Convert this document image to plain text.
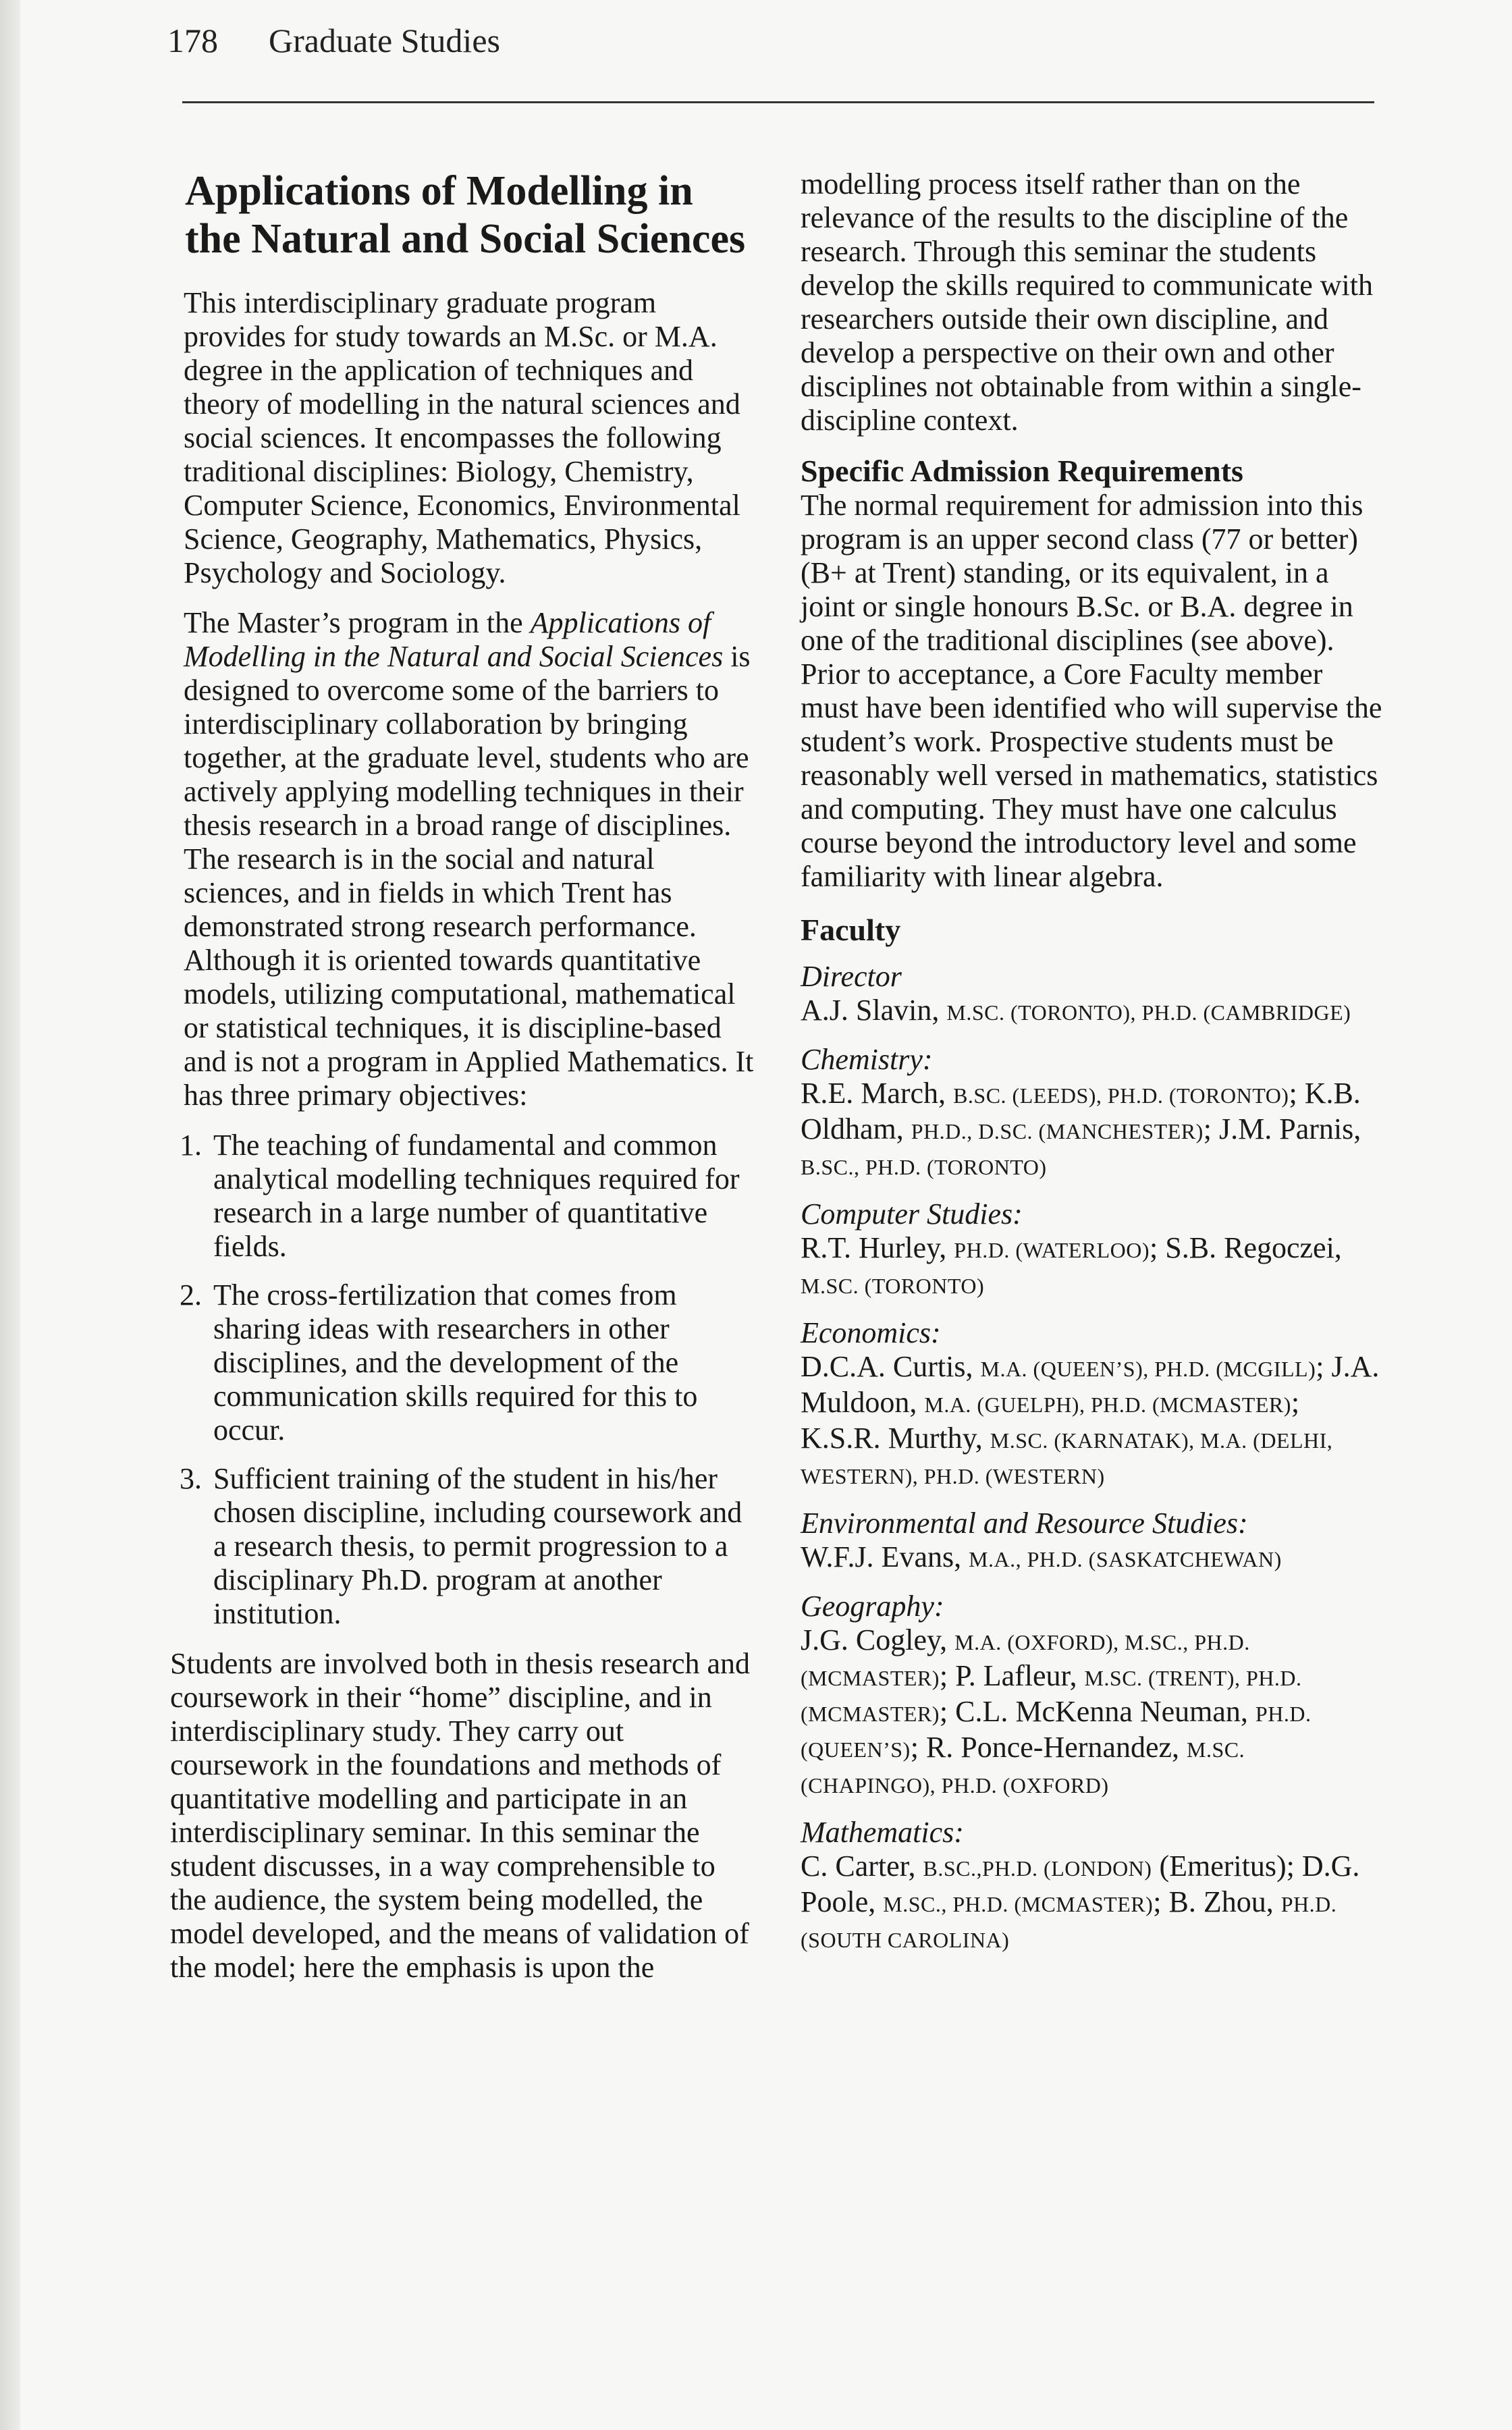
178 Graduate Studies
Applications of Modelling in the Natural and Social Sciences

This interdisciplinary graduate program provides for study towards an M.Sc. or M.A. degree in the application of techniques and theory of modelling in the natural sciences and social sciences. It encompasses the following traditional disciplines: Biology, Chemistry, Computer Science, Economics, Environmental Science, Geography, Mathematics, Physics, Psychology and Sociology.

The Master’s program in the Applications of Modelling in the Natural and Social Sciences is designed to overcome some of the barriers to interdisciplinary collaboration by bringing together, at the graduate level, students who are actively applying modelling techniques in their thesis research in a broad range of disciplines. The research is in the social and natural sciences, and in fields in which Trent has demonstrated strong research performance. Although it is oriented towards quantitative models, utilizing computational, mathematical or statistical techniques, it is discipline-based and is not a program in Applied Mathematics. It has three primary objectives:

1. The teaching of fundamental and common analytical modelling techniques required for research in a large number of quantitative fields.
2. The cross-fertilization that comes from sharing ideas with researchers in other disciplines, and the development of the communication skills required for this to occur.
3. Sufficient training of the student in his/her chosen discipline, including coursework and a research thesis, to permit progression to a disciplinary Ph.D. program at another institution.

Students are involved both in thesis research and coursework in their “home” discipline, and in interdisciplinary study. They carry out coursework in the foundations and methods of quantitative modelling and participate in an interdisciplinary seminar. In this seminar the student discusses, in a way comprehensible to the audience, the system being modelled, the model developed, and the means of validation of the model; here the emphasis is upon the

modelling process itself rather than on the relevance of the results to the discipline of the research. Through this seminar the students develop the skills required to communicate with researchers outside their own discipline, and develop a perspective on their own and other disciplines not obtainable from within a single-discipline context.

Specific Admission Requirements

The normal requirement for admission into this program is an upper second class (77 or better) (B+ at Trent) standing, or its equivalent, in a joint or single honours B.Sc. or B.A. degree in one of the traditional disciplines (see above). Prior to acceptance, a Core Faculty member must have been identified who will supervise the student’s work. Prospective students must be reasonably well versed in mathematics, statistics and computing. They must have one calculus course beyond the introductory level and some familiarity with linear algebra.

Faculty
Director
A.J. Slavin, M.SC. (TORONTO), PH.D. (CAMBRIDGE)
Chemistry:
R.E. March, B.SC. (LEEDS), PH.D. (TORONTO); K.B. Oldham, PH.D., D.SC. (MANCHESTER); J.M. Parnis, B.SC., PH.D. (TORONTO)
Computer Studies:
R.T. Hurley, PH.D. (WATERLOO); S.B. Regoczei, M.SC. (TORONTO)
Economics:
D.C.A. Curtis, M.A. (QUEEN’S), PH.D. (MCGILL); J.A. Muldoon, M.A. (GUELPH), PH.D. (MCMASTER); K.S.R. Murthy, M.SC. (KARNATAK), M.A. (DELHI, WESTERN), PH.D. (WESTERN)
Environmental and Resource Studies:
W.F.J. Evans, M.A., PH.D. (SASKATCHEWAN)
Geography:
J.G. Cogley, M.A. (OXFORD), M.SC., PH.D. (MCMASTER); P. Lafleur, M.SC. (TRENT), PH.D. (MCMASTER); C.L. McKenna Neuman, PH.D. (QUEEN’S); R. Ponce-Hernandez, M.SC. (CHAPINGO), PH.D. (OXFORD)
Mathematics:
C. Carter, B.SC.,PH.D. (LONDON) (Emeritus); D.G. Poole, M.SC., PH.D. (MCMASTER); B. Zhou, PH.D. (SOUTH CAROLINA)
